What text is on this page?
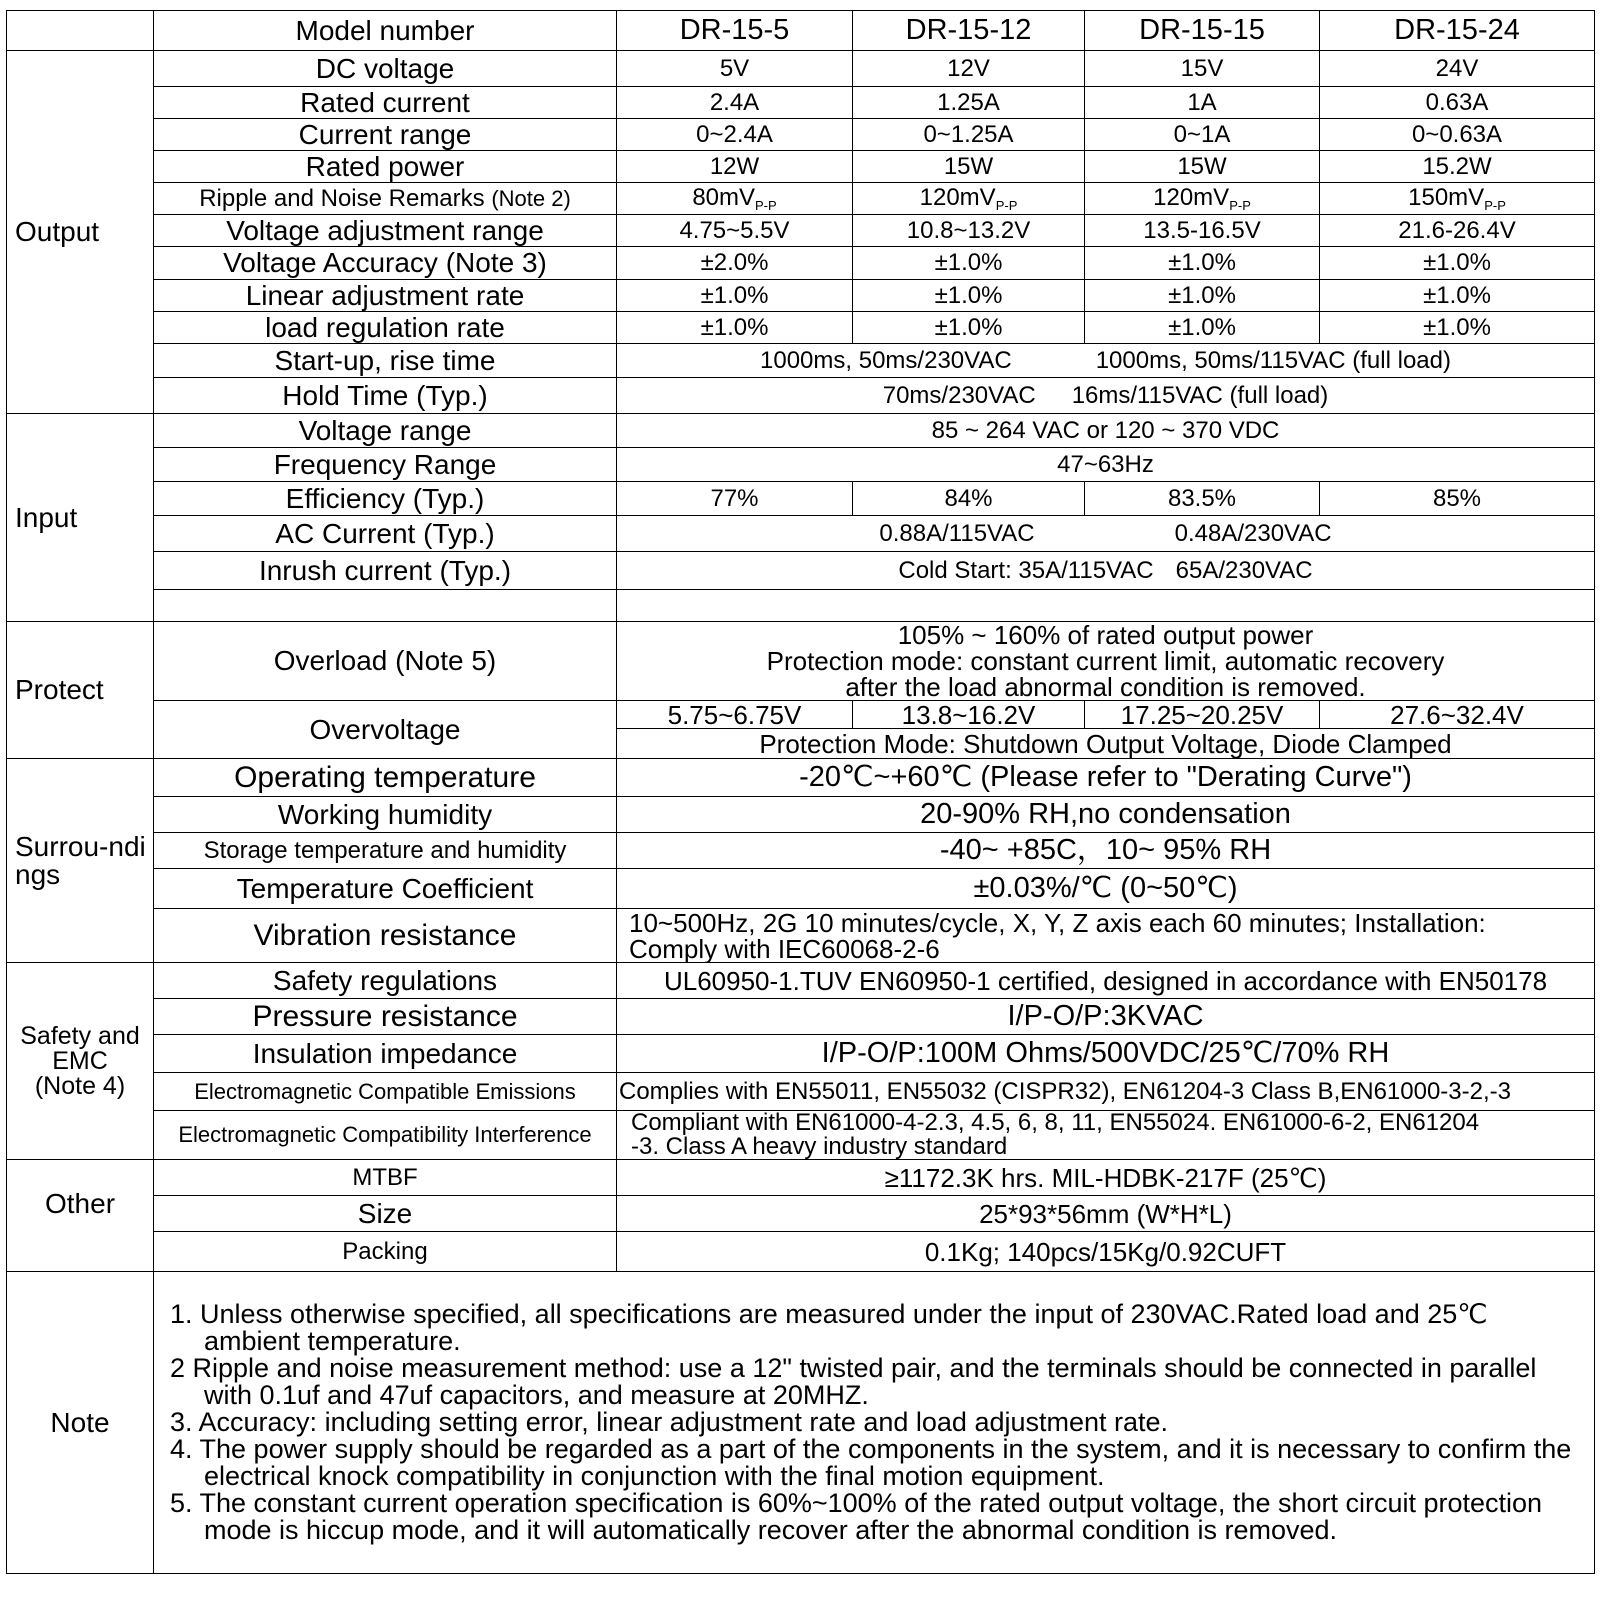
	Model number	DR-15-5	DR-15-12	DR-15-15	DR-15-24
Output	DC voltage	5V	12V	15V	24V
	Rated current	2.4A	1.25A	1A	0.63A
	Current range	0~2.4A	0~1.25A	0~1A	0~0.63A
	Rated power	12W	15W	15W	15.2W
	Ripple and Noise Remarks (Note 2)	$80mV_{P-P}$	$120mV_{P-P}$	$120mV_{P-P}$	$150mV_{P-P}$
	Voltage adjustment range	4.75~5.5V	10.8~13.2V	13.5-16.5V	21.6-26.4V
	Voltage Accuracy (Note 3)	±2.0%	±1.0%	±1.0%	±1.0%
	Linear adjustment rate	±1.0%	±1.0%	±1.0%	±1.0%
	load regulation rate	±1.0%	±1.0%	±1.0%	±1.0%
	Start-up, rise time	1000ms, 50ms/230VAC 1000ms, 50ms/115VAC (full load)			
	Hold Time (Typ.)	70ms/230VAC 16ms/115VAC (full load)			
Input	Voltage range	85 ~ 264 VAC or 120 ~ 370 VDC			
	Frequency Range	47~63Hz			
	Efficiency (Typ.)	77%	84%	83.5%	85%
	AC Current (Typ.)	0.88A/115VAC 0.48A/230VAC			
	Inrush current (Typ.)	Cold Start: 35A/115VAC 65A/230VAC			

Protect	Overload (Note 5)	105% ~ 160% of rated output power
Protection mode: constant current limit, automatic recovery
after the load abnormal condition is removed.			

	Overvoltage	5.75~6.75V	13.8~16.2V	17.25~20.25V	27.6~32.4V
		Protection Mode: Shutdown Output Voltage, Diode Clamped			
Surrou-ndings	Operating temperature	-20℃~+60℃ (Please refer to "Derating Curve")			
	Working humidity	20-90% RH,no condensation			
	Storage temperature and humidity	-40~ +85C，10~ 95% RH			
	Temperature Coefficient	±0.03%/℃ (0~50℃)			
	Vibration resistance	10~500Hz, 2G 10 minutes/cycle, X, Y, Z axis each 60 minutes; Installation:
Comply with IEC60068-2-6			

Safety and
EMC
(Note 4)	Safety regulations	UL60950-1.TUV EN60950-1 certified, designed in accordance with EN50178			
	Pressure resistance	I/P-O/P:3KVAC			
	Insulation impedance	I/P-O/P:100M Ohms/500VDC/25℃/70% RH			
	Electromagnetic Compatible Emissions	Complies with EN55011, EN55032 (CISPR32), EN61204-3 Class B,EN61000-3-2,-3			
	Electromagnetic Compatibility Interference	Compliant with EN61000-4-2.3, 4.5, 6, 8, 11, EN55024. EN61000-6-2, EN61204
-3. Class A heavy industry standard			

Other	MTBF	≥1172.3K hrs. MIL-HDBK-217F (25℃)			
	Size	25*93*56mm (W*H*L)			
	Packing	0.1Kg; 140pcs/15Kg/0.92CUFT			
Note	1. Unless otherwise specified, all specifications are measured under the input of 230VAC.Rated load and 25℃ ambient temperature.

2 Ripple and noise measurement method: use a 12" twisted pair, and the terminals should be connected in parallel with 0.1uf and 47uf capacitors, and measure at 20MHZ.

3. Accuracy: including setting error, linear adjustment rate and load adjustment rate.

4. The power supply should be regarded as a part of the components in the system, and it is necessary to confirm the electrical knock compatibility in conjunction with the final motion equipment.

5. The constant current operation specification is 60%~100% of the rated output voltage, the short circuit protection mode is hiccup mode, and it will automatically recover after the abnormal condition is removed.				
